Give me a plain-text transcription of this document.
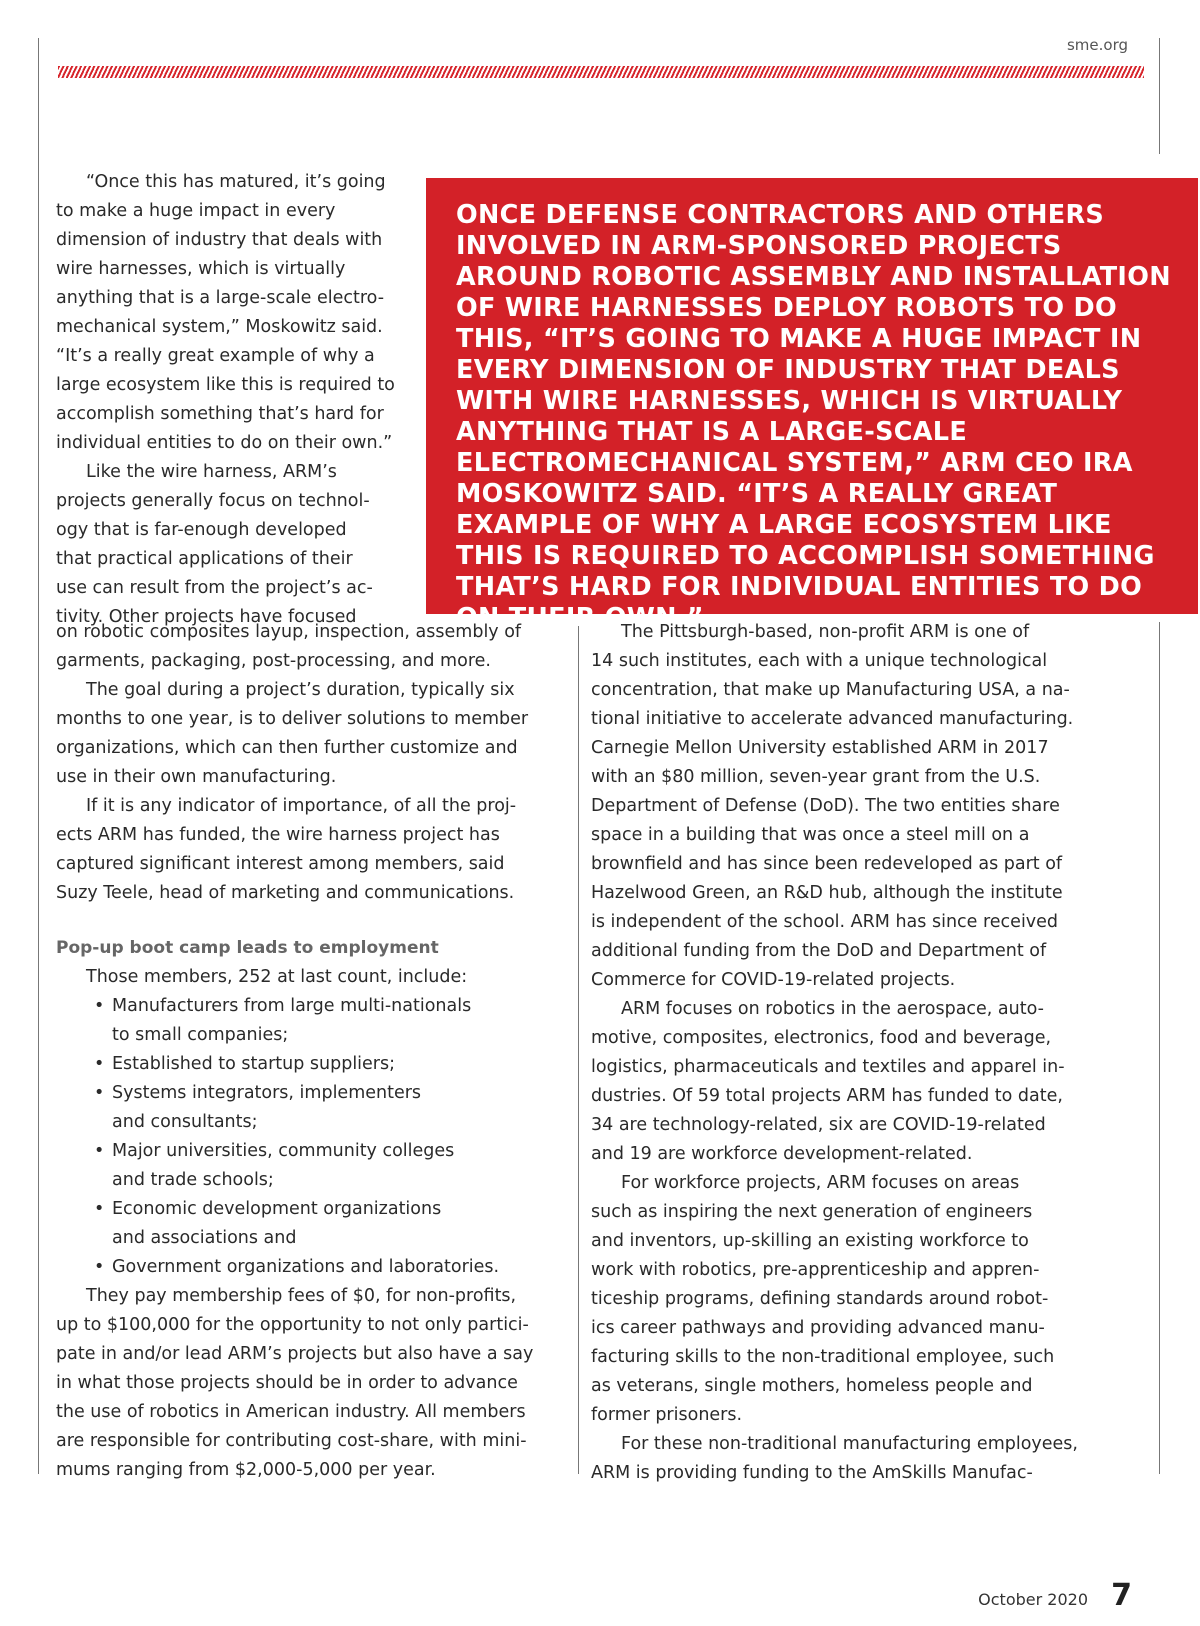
sme.org

ONCE DEFENSE CONTRACTORS AND OTHERS INVOLVED IN ARM-SPONSORED PROJECTS AROUND ROBOTIC ASSEMBLY AND INSTALLATION OF WIRE HARNESSES DEPLOY ROBOTS TO DO THIS, “IT’S GOING TO MAKE A HUGE IMPACT IN EVERY DIMENSION OF INDUSTRY THAT DEALS WITH WIRE HARNESSES, WHICH IS VIRTUALLY ANYTHING THAT IS A LARGE-SCALE ELECTROMECHANICAL SYSTEM,” ARM CEO IRA MOSKOWITZ SAID. “IT’S A REALLY GREAT EXAMPLE OF WHY A LARGE ECOSYSTEM LIKE THIS IS REQUIRED TO ACCOMPLISH SOMETHING THAT’S HARD FOR INDIVIDUAL ENTITIES TO DO ON THEIR OWN.”

“Once this has matured, it’s going

to make a huge impact in every

dimension of industry that deals with

wire harnesses, which is virtually

anything that is a large-scale electro-

mechanical system,” Moskowitz said.

“It’s a really great example of why a

large ecosystem like this is required to

accomplish something that’s hard for

individual entities to do on their own.”

Like the wire harness, ARM’s

projects generally focus on technol-

ogy that is far-enough developed

that practical applications of their

use can result from the project’s ac-

tivity. Other projects have focused

on robotic composites layup, inspection, assembly of

garments, packaging, post-processing, and more.

The goal during a project’s duration, typically six

months to one year, is to deliver solutions to member

organizations, which can then further customize and

use in their own manufacturing.

If it is any indicator of importance, of all the proj-

ects ARM has funded, the wire harness project has

captured significant interest among members, said

Suzy Teele, head of marketing and communications.

Pop-up boot camp leads to employment

Those members, 252 at last count, include:

• Manufacturers from large multi-nationals
to small companies;
• Established to startup suppliers;
• Systems integrators, implementers
and consultants;
• Major universities, community colleges
and trade schools;
• Economic development organizations
and associations and
• Government organizations and laboratories.

They pay membership fees of $0, for non-profits,

up to $100,000 for the opportunity to not only partici-

pate in and/or lead ARM’s projects but also have a say

in what those projects should be in order to advance

the use of robotics in American industry. All members

are responsible for contributing cost-share, with mini-

mums ranging from $2,000-5,000 per year.

The Pittsburgh-based, non-profit ARM is one of

14 such institutes, each with a unique technological

concentration, that make up Manufacturing USA, a na-

tional initiative to accelerate advanced manufacturing.

Carnegie Mellon University established ARM in 2017

with an $80 million, seven-year grant from the U.S.

Department of Defense (DoD). The two entities share

space in a building that was once a steel mill on a

brownfield and has since been redeveloped as part of

Hazelwood Green, an R&D hub, although the institute

is independent of the school. ARM has since received

additional funding from the DoD and Department of

Commerce for COVID-19-related projects.

ARM focuses on robotics in the aerospace, auto-

motive, composites, electronics, food and beverage,

logistics, pharmaceuticals and textiles and apparel in-

dustries. Of 59 total projects ARM has funded to date,

34 are technology-related, six are COVID-19-related

and 19 are workforce development-related.

For workforce projects, ARM focuses on areas

such as inspiring the next generation of engineers

and inventors, up-skilling an existing workforce to

work with robotics, pre-apprenticeship and appren-

ticeship programs, defining standards around robot-

ics career pathways and providing advanced manu-

facturing skills to the non-traditional employee, such

as veterans, single mothers, homeless people and

former prisoners.

For these non-traditional manufacturing employees,

ARM is providing funding to the AmSkills Manufac-

October 2020 7
